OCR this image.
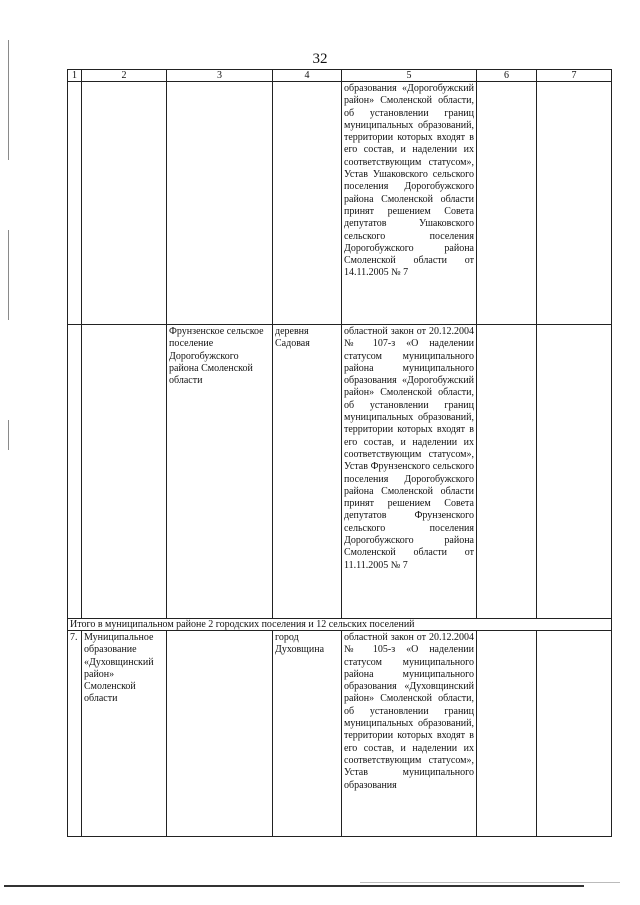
32
1	2	3	4	5	6	7
				образования «Дорогобужский район» Смоленской области, об установлении границ муниципальных образований, территории которых входят в его состав, и наделении их соответствующим статусом», Устав Ушаковского сельского поселения Дорогобужского района Смоленской области принят решением Совета депутатов Ушаковского сельского поселения Дорогобужского района Смоленской области от 14.11.2005 № 7		
		Фрунзенское сельское поселение Дорогобужского района Смоленской области	деревня Садовая	областной закон от 20.12.2004 № 107-з «О наделении статусом муниципального района муниципального образования «Дорогобужский район» Смоленской области, об установлении границ муниципальных образований, территории которых входят в его состав, и наделении их соответствующим статусом», Устав Фрунзенского сельского поселения Дорогобужского района Смоленской области принят решением Совета депутатов Фрунзенского сельского поселения Дорогобужского района Смоленской области от 11.11.2005 № 7		
Итого в муниципальном районе 2 городских поселения и 12 сельских поселений						
7.	Муниципальное образование «Духовщинский район» Смоленской области		город Духовщина	областной закон от 20.12.2004 № 105-з «О наделении статусом муниципального района муниципального образования «Духовщинский район» Смоленской области, об установлении границ муниципальных образований, территории которых входят в его состав, и наделении их соответствующим статусом», Устав муниципального образования		
